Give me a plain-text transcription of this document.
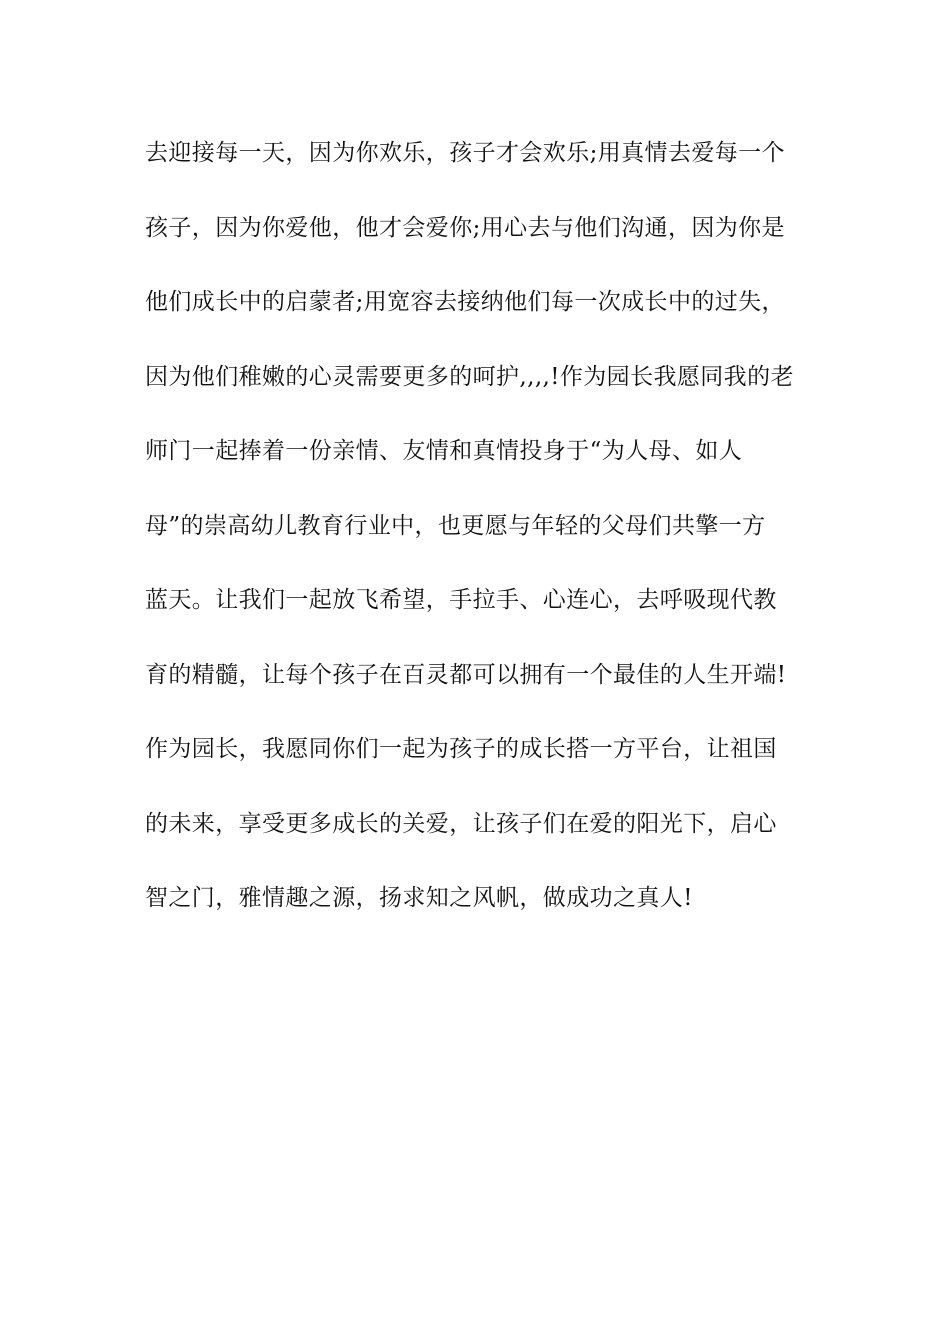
去迎接每一天，因为你欢乐，孩子才会欢乐;用真情去爱每一个
孩子，因为你爱他，他才会爱你;用心去与他们沟通，因为你是
他们成长中的启蒙者;用宽容去接纳他们每一次成长中的过失，
因为他们稚嫩的心灵需要更多的呵护,,,,!作为园长我愿同我的老
师门一起捧着一份亲情、友情和真情投身于“为人母、如人
母”的崇高幼儿教育行业中，也更愿与年轻的父母们共擎一方
蓝天。让我们一起放飞希望，手拉手、心连心，去呼吸现代教
育的精髓，让每个孩子在百灵都可以拥有一个最佳的人生开端!
作为园长，我愿同你们一起为孩子的成长搭一方平台，让祖国
的未来，享受更多成长的关爱，让孩子们在爱的阳光下，启心
智之门，雅情趣之源，扬求知之风帆，做成功之真人!
